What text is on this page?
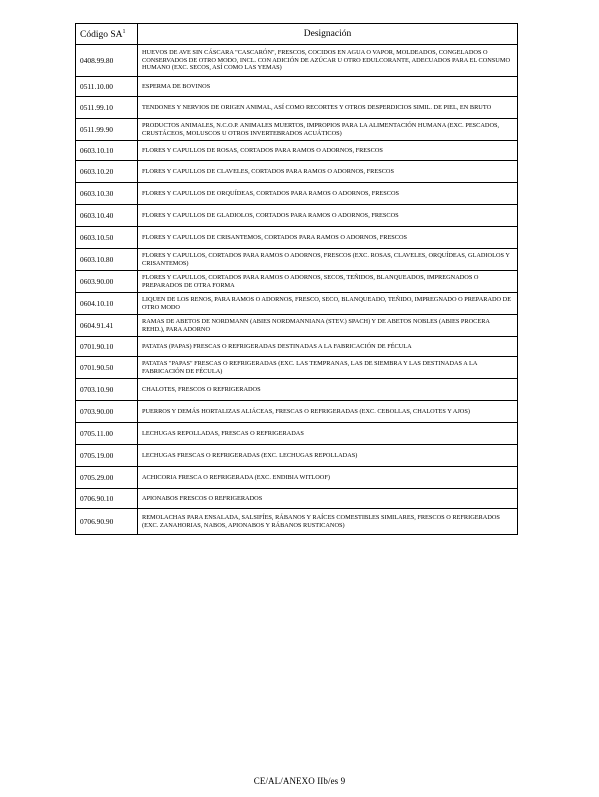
Código $SA^1$	Designación
0408.99.80	HUEVOS DE AVE SIN CÁSCARA "CASCARÓN", FRESCOS, COCIDOS EN AGUA O VAPOR, MOLDEADOS, CONGELADOS O CONSERVADOS DE OTRO MODO, INCL. CON ADICIÓN DE AZÚCAR U OTRO EDULCORANTE, ADECUADOS PARA EL CONSUMO HUMANO (EXC. SECOS, ASÍ COMO LAS YEMAS)
0511.10.00	ESPERMA DE BOVINOS
0511.99.10	TENDONES Y NERVIOS DE ORIGEN ANIMAL, ASÍ COMO RECORTES Y OTROS DESPERDICIOS SIMIL. DE PIEL, EN BRUTO
0511.99.90	PRODUCTOS ANIMALES, N.C.O.P. ANIMALES MUERTOS, IMPROPIOS PARA LA ALIMENTACIÓN HUMANA (EXC. PESCADOS, CRUSTÁCEOS, MOLUSCOS U OTROS INVERTEBRADOS ACUÁTICOS)
0603.10.10	FLORES Y CAPULLOS DE ROSAS, CORTADOS PARA RAMOS O ADORNOS, FRESCOS
0603.10.20	FLORES Y CAPULLOS DE CLAVELES, CORTADOS PARA RAMOS O ADORNOS, FRESCOS
0603.10.30	FLORES Y CAPULLOS DE ORQUÍDEAS, CORTADOS PARA RAMOS O ADORNOS, FRESCOS
0603.10.40	FLORES Y CAPULLOS DE GLADIOLOS, CORTADOS PARA RAMOS O ADORNOS, FRESCOS
0603.10.50	FLORES Y CAPULLOS DE CRISANTEMOS, CORTADOS PARA RAMOS O ADORNOS, FRESCOS
0603.10.80	FLORES Y CAPULLOS, CORTADOS PARA RAMOS O ADORNOS, FRESCOS (EXC. ROSAS, CLAVELES, ORQUÍDEAS, GLADIOLOS Y CRISANTEMOS)
0603.90.00	FLORES Y CAPULLOS, CORTADOS PARA RAMOS O ADORNOS, SECOS, TEÑIDOS, BLANQUEADOS, IMPREGNADOS O PREPARADOS DE OTRA FORMA
0604.10.10	LIQUEN DE LOS RENOS, PARA RAMOS O ADORNOS, FRESCO, SECO, BLANQUEADO, TEÑIDO, IMPREGNADO O PREPARADO DE OTRO MODO
0604.91.41	RAMAS DE ABETOS DE NORDMANN (ABIES NORDMANNIANA (STEV.) SPACH) Y DE ABETOS NOBLES (ABIES PROCERA REHD.), PARA ADORNO
0701.90.10	PATATAS (PAPAS) FRESCAS O REFRIGERADAS DESTINADAS A LA FABRICACIÓN DE FÉCULA
0701.90.50	PATATAS "PAPAS" FRESCAS O REFRIGERADAS (EXC. LAS TEMPRANAS, LAS DE SIEMBRA Y LAS DESTINADAS A LA FABRICACIÓN DE FÉCULA)
0703.10.90	CHALOTES, FRESCOS O REFRIGERADOS
0703.90.00	PUERROS Y DEMÁS HORTALIZAS ALIÁCEAS, FRESCAS O REFRIGERADAS (EXC. CEBOLLAS, CHALOTES Y AJOS)
0705.11.00	LECHUGAS REPOLLADAS, FRESCAS O REFRIGERADAS
0705.19.00	LECHUGAS FRESCAS O REFRIGERADAS (EXC. LECHUGAS REPOLLADAS)
0705.29.00	ACHICORIA FRESCA O REFRIGERADA (EXC. ENDIBIA WITLOOF)
0706.90.10	APIONABOS FRESCOS O REFRIGERADOS
0706.90.90	REMOLACHAS PARA ENSALADA, SALSIFÍES, RÁBANOS Y RAÍCES COMESTIBLES SIMILARES, FRESCOS O REFRIGERADOS (EXC. ZANAHORIAS, NABOS, APIONABOS Y RÁBANOS RUSTICANOS)
CE/AL/ANEXO IIb/es 9
